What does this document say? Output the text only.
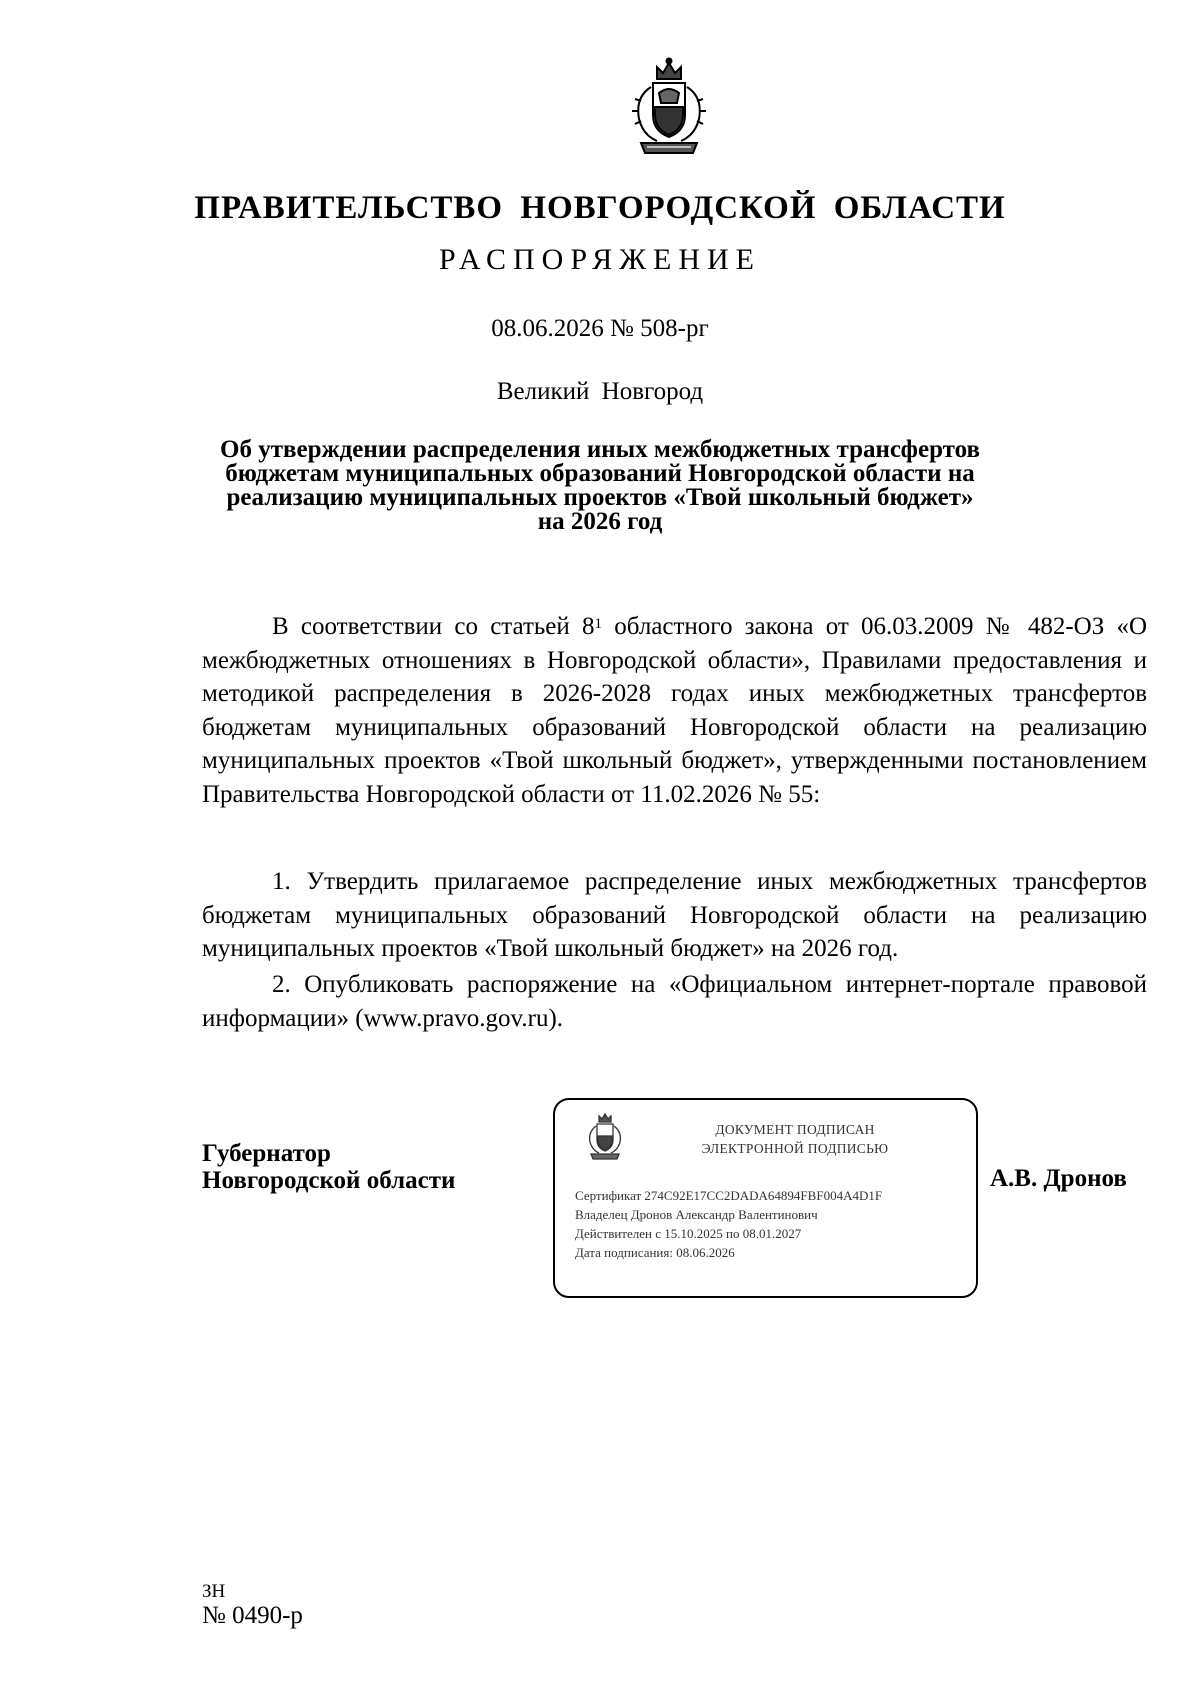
ПРАВИТЕЛЬСТВО НОВГОРОДСКОЙ ОБЛАСТИ
РАСПОРЯЖЕНИЕ
08.06.2026 № 508-рг
Великий Новгород
Об утверждении распределения иных межбюджетных трансфертов
бюджетам муниципальных образований Новгородской области на
реализацию муниципальных проектов «Твой школьный бюджет»
на 2026 год
В соответствии со статьей $8^1$ областного закона от 06.03.2009 № 482-ОЗ «О межбюджетных отношениях в Новгородской области», Правилами предоставления и методикой распределения в 2026-2028 годах иных межбюджетных трансфертов бюджетам муниципальных образований Новгородской области на реализацию муниципальных проектов «Твой школьный бюджет», утвержденными постановлением Правительства Новгородской области от 11.02.2026 № 55:
1. Утвердить прилагаемое распределение иных межбюджетных трансфертов бюджетам муниципальных образований Новгородской области на реализацию муниципальных проектов «Твой школьный бюджет» на 2026 год.
2. Опубликовать распоряжение на «Официальном интернет-портале правовой информации» (www.pravo.gov.ru).
Губернатор
Новгородской области
ДОКУМЕНТ ПОДПИСАН
ЭЛЕКТРОННОЙ ПОДПИСЬЮ
Сертификат 274C92E17CC2DADA64894FBF004A4D1F
Владелец Дронов Александр Валентинович
Действителен с 15.10.2025 по 08.01.2027
Дата подписания: 08.06.2026
А.В. Дронов
ЗН
№ 0490-р
